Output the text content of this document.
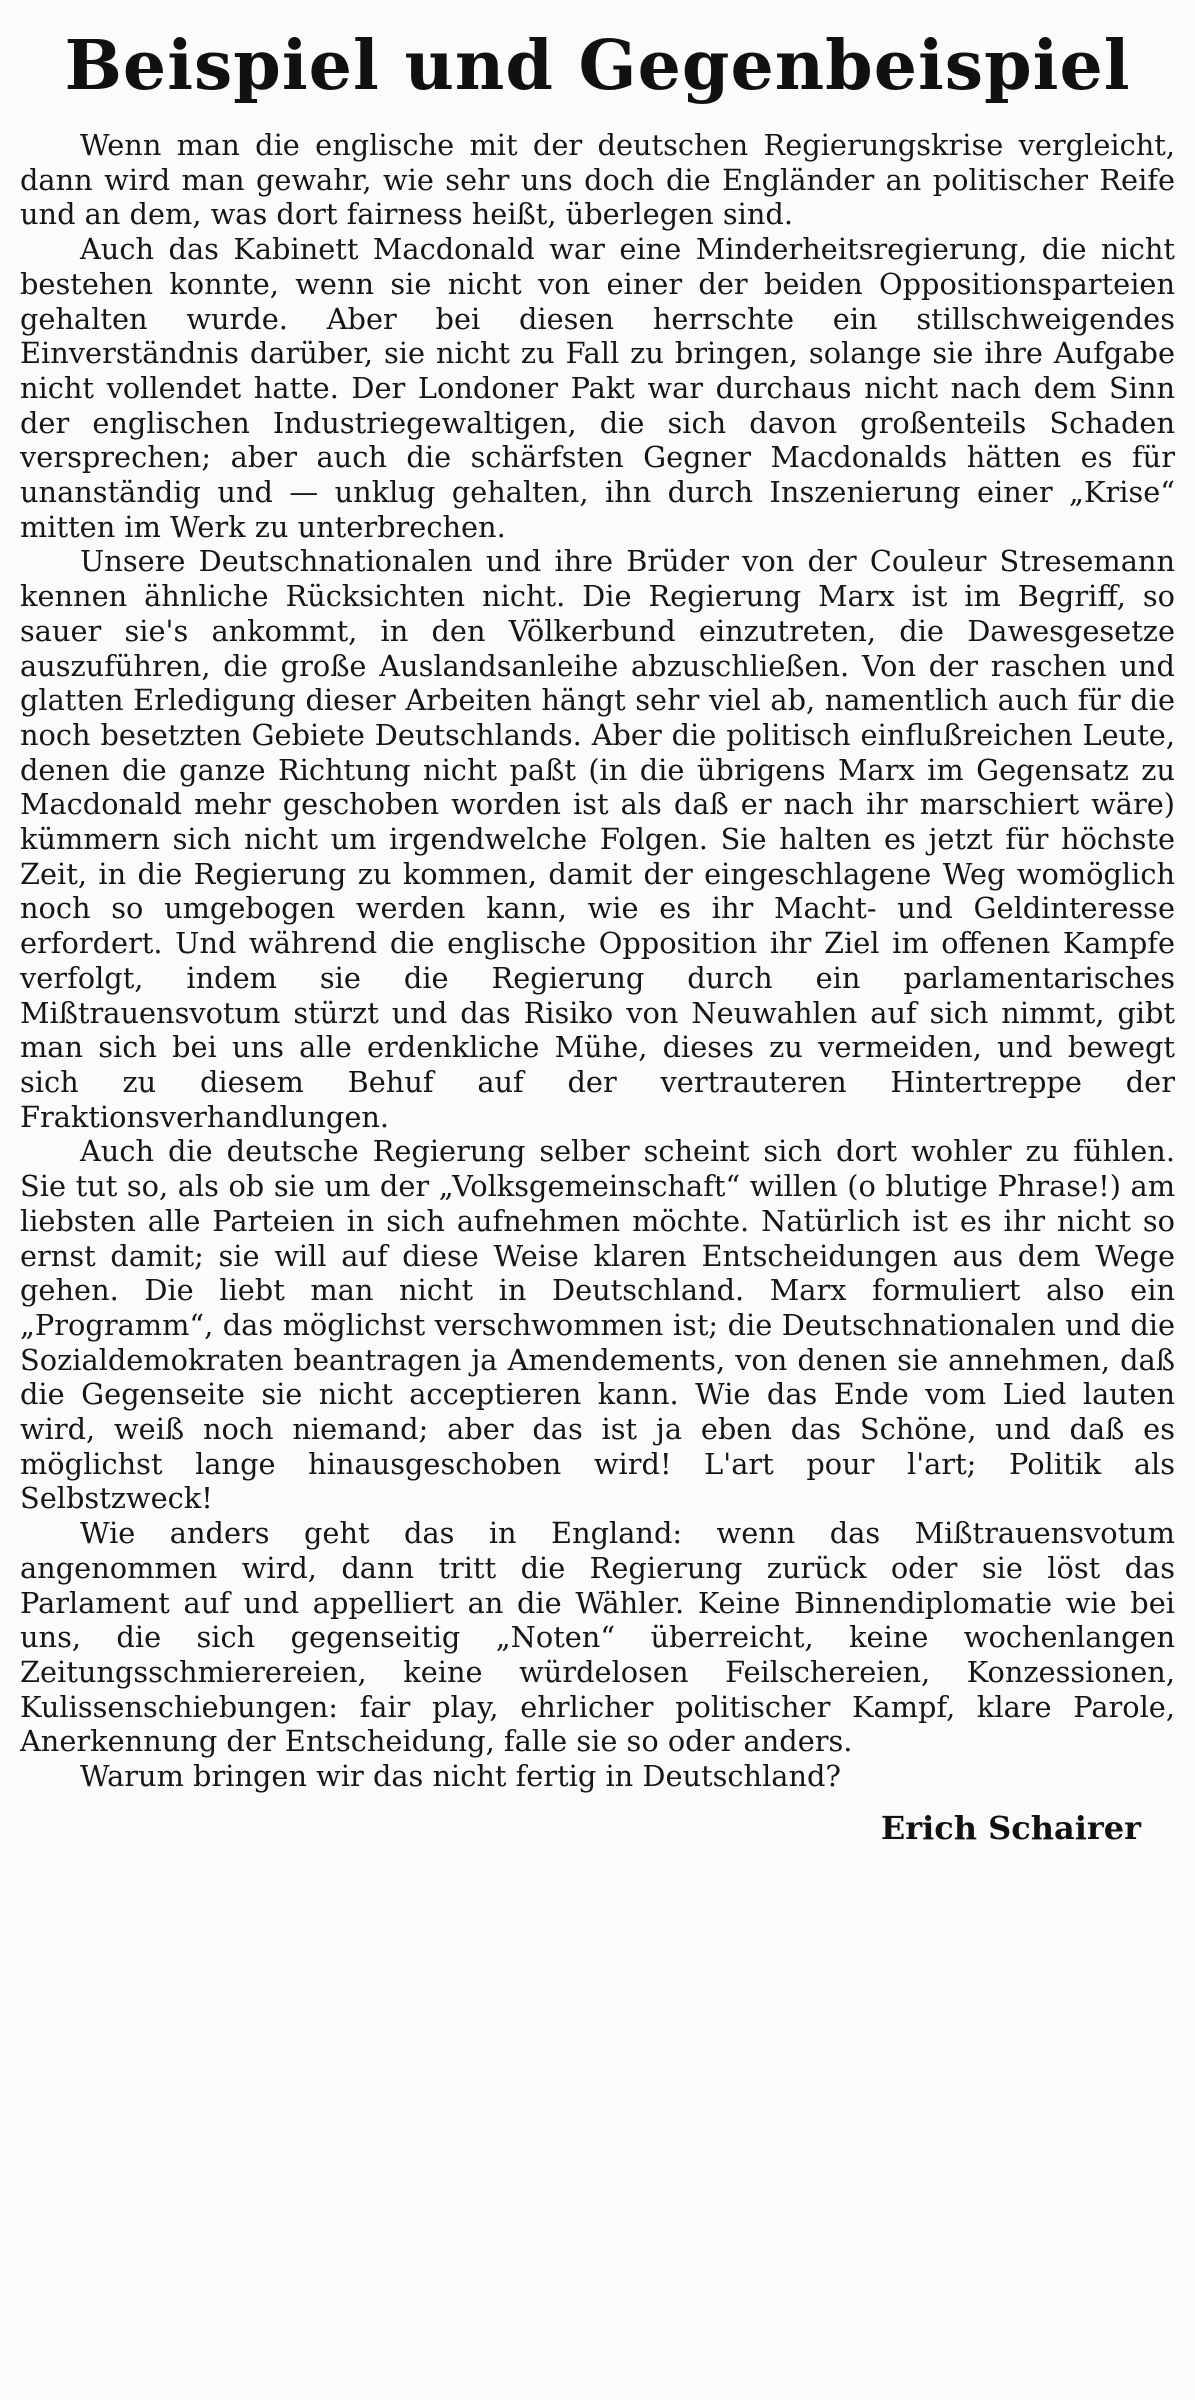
Beispiel und Gegenbeispiel

Wenn man die englische mit der deutschen Regierungskrise vergleicht, dann wird man gewahr, wie sehr uns doch die Engländer an politischer Reife und an dem, was dort fairness heißt, überlegen sind.

Auch das Kabinett Macdonald war eine Minderheitsregierung, die nicht bestehen konnte, wenn sie nicht von einer der beiden Oppositionsparteien gehalten wurde. Aber bei diesen herrschte ein stillschweigendes Einverständnis darüber, sie nicht zu Fall zu bringen, solange sie ihre Aufgabe nicht vollendet hatte. Der Londoner Pakt war durchaus nicht nach dem Sinn der englischen Industriegewaltigen, die sich davon großenteils Schaden versprechen; aber auch die schärfsten Gegner Macdonalds hätten es für unanständig und — unklug gehalten, ihn durch Inszenierung einer „Krise“ mitten im Werk zu unterbrechen.

Unsere Deutschnationalen und ihre Brüder von der Couleur Stresemann kennen ähnliche Rücksichten nicht. Die Regierung Marx ist im Begriff, so sauer sie's ankommt, in den Völkerbund einzutreten, die Dawesgesetze auszuführen, die große Auslandsanleihe abzuschließen. Von der raschen und glatten Erledigung dieser Arbeiten hängt sehr viel ab, namentlich auch für die noch besetzten Gebiete Deutschlands. Aber die politisch einflußreichen Leute, denen die ganze Richtung nicht paßt (in die übrigens Marx im Gegensatz zu Macdonald mehr geschoben worden ist als daß er nach ihr marschiert wäre) kümmern sich nicht um irgendwelche Folgen. Sie halten es jetzt für höchste Zeit, in die Regierung zu kommen, damit der eingeschlagene Weg womöglich noch so umgebogen werden kann, wie es ihr Macht- und Geldinteresse erfordert. Und während die englische Opposition ihr Ziel im offenen Kampfe verfolgt, indem sie die Regierung durch ein parlamentarisches Mißtrauensvotum stürzt und das Risiko von Neuwahlen auf sich nimmt, gibt man sich bei uns alle erdenkliche Mühe, dieses zu vermeiden, und bewegt sich zu diesem Behuf auf der vertrauteren Hintertreppe der Fraktionsverhandlungen.

Auch die deutsche Regierung selber scheint sich dort wohler zu fühlen. Sie tut so, als ob sie um der „Volksgemeinschaft“ willen (o blutige Phrase!) am liebsten alle Parteien in sich aufnehmen möchte. Natürlich ist es ihr nicht so ernst damit; sie will auf diese Weise klaren Entscheidungen aus dem Wege gehen. Die liebt man nicht in Deutschland. Marx formuliert also ein „Programm“, das möglichst verschwommen ist; die Deutschnationalen und die Sozialdemokraten beantragen ja Amendements, von denen sie annehmen, daß die Gegenseite sie nicht acceptieren kann. Wie das Ende vom Lied lauten wird, weiß noch niemand; aber das ist ja eben das Schöne, und daß es möglichst lange hinausgeschoben wird! L'art pour l'art; Politik als Selbstzweck!

Wie anders geht das in England: wenn das Mißtrauensvotum angenommen wird, dann tritt die Regierung zurück oder sie löst das Parlament auf und appelliert an die Wähler. Keine Binnendiplomatie wie bei uns, die sich gegenseitig „Noten“ überreicht, keine wochenlangen Zeitungsschmierereien, keine würdelosen Feilschereien, Konzessionen, Kulissenschiebungen: fair play, ehrlicher politischer Kampf, klare Parole, Anerkennung der Entscheidung, falle sie so oder anders.

Warum bringen wir das nicht fertig in Deutschland?

Erich Schairer
